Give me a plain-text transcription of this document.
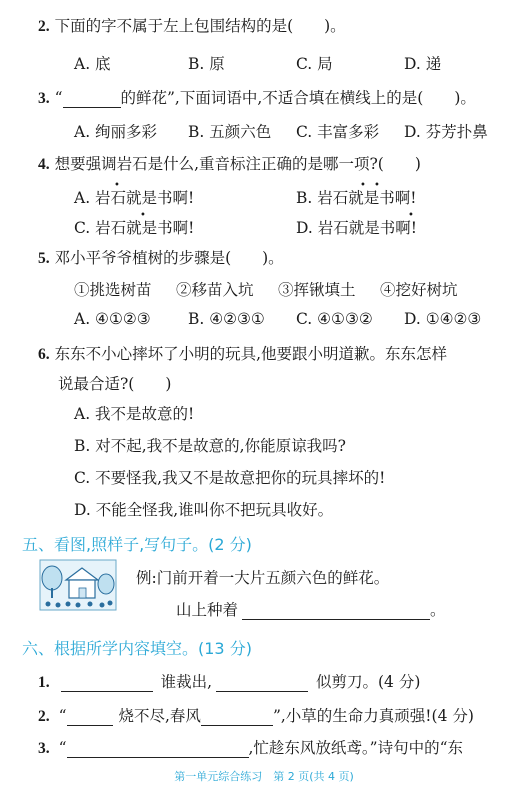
2. 下面的字不属于左上包围结构的是(　　)。
A. 底	B. 原	C. 局	D. 递
3. “	的鲜花”,下面词语中,不适合填在横线上的是(　　)。
A. 绚丽多彩 B. 五颜六色 C. 丰富多彩 D. 芬芳扑鼻
4. 想要强调岩石是什么,重音标注正确的是哪一项?(　　)
A. 岩石就是书啊!	B. 岩石就是书啊!
C. 岩石就是书啊!	D. 岩石就是书啊!
•	• •
•	•
5. 邓小平爷爷植树的步骤是(　　)。
①挑选树苗 ②移苗入坑 ③挥锹填土 ④挖好树坑
A. ④①②③ B. ④②③① C. ④①③② D. ①④②③
6. 东东不小心摔坏了小明的玩具,他要跟小明道歉。东东怎样
说最合适?(　　)
A. 我不是故意的!
B. 对不起,我不是故意的,你能原谅我吗?
C. 不要怪我,我又不是故意把你的玩具摔坏的!
D. 不能全怪我,谁叫你不把玩具收好。
五、看图,照样子,写句子。(2 分)
例:门前开着一大片五颜六色的鲜花。
山上种着	。
六、根据所学内容填空。(13 分)
1.	谁裁出,	似剪刀。(4 分)
2. “	烧不尽,春风	”,小草的生命力真顽强!(4 分)
3. “	,忙趁东风放纸鸢。”诗句中的“东
第一单元综合练习　第 2 页(共 4 页)
